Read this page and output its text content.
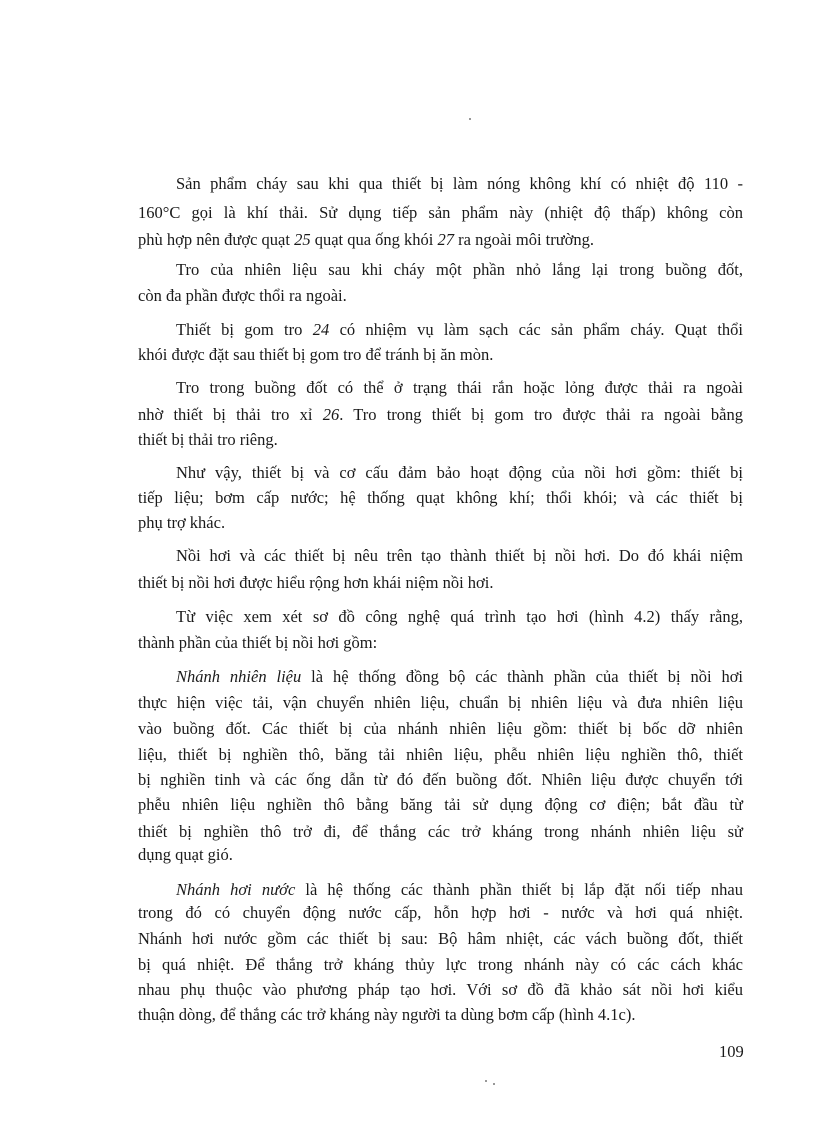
Sản phẩm cháy sau khi qua thiết bị làm nóng không khí có nhiệt độ 110 -
160°C gọi là khí thải. Sử dụng tiếp sản phẩm này (nhiệt độ thấp) không còn
phù hợp nên được quạt 25 quạt qua ống khói 27 ra ngoài môi trường.
Tro của nhiên liệu sau khi cháy một phần nhỏ lắng lại trong buồng đốt,
còn đa phần được thổi ra ngoài.
Thiết bị gom tro 24 có nhiệm vụ làm sạch các sản phẩm cháy. Quạt thổi
khói được đặt sau thiết bị gom tro để tránh bị ăn mòn.
Tro trong buồng đốt có thể ở trạng thái rắn hoặc lỏng được thải ra ngoài
nhờ thiết bị thải tro xỉ 26. Tro trong thiết bị gom tro được thải ra ngoài bằng
thiết bị thải tro riêng.
Như vậy, thiết bị và cơ cấu đảm bảo hoạt động của nồi hơi gồm: thiết bị
tiếp liệu; bơm cấp nước; hệ thống quạt không khí; thổi khói; và các thiết bị
phụ trợ khác.
Nồi hơi và các thiết bị nêu trên tạo thành thiết bị nồi hơi. Do đó khái niệm
thiết bị nồi hơi được hiểu rộng hơn khái niệm nồi hơi.
Từ việc xem xét sơ đồ công nghệ quá trình tạo hơi (hình 4.2) thấy rằng,
thành phần của thiết bị nồi hơi gồm:
Nhánh nhiên liệu là hệ thống đồng bộ các thành phần của thiết bị nồi hơi
thực hiện việc tải, vận chuyển nhiên liệu, chuẩn bị nhiên liệu và đưa nhiên liệu
vào buồng đốt. Các thiết bị của nhánh nhiên liệu gồm: thiết bị bốc dỡ nhiên
liệu, thiết bị nghiền thô, băng tải nhiên liệu, phễu nhiên liệu nghiền thô, thiết
bị nghiền tinh và các ống dẫn từ đó đến buồng đốt. Nhiên liệu được chuyển tới
phễu nhiên liệu nghiền thô bằng băng tải sử dụng động cơ điện; bắt đầu từ
thiết bị nghiền thô trở đi, để thắng các trở kháng trong nhánh nhiên liệu sử
dụng quạt gió.
Nhánh hơi nước là hệ thống các thành phần thiết bị lắp đặt nối tiếp nhau
trong đó có chuyển động nước cấp, hỗn hợp hơi - nước và hơi quá nhiệt.
Nhánh hơi nước gồm các thiết bị sau: Bộ hâm nhiệt, các vách buồng đốt, thiết
bị quá nhiệt. Để thắng trở kháng thủy lực trong nhánh này có các cách khác
nhau phụ thuộc vào phương pháp tạo hơi. Với sơ đồ đã khảo sát nồi hơi kiểu
thuận dòng, để thắng các trở kháng này người ta dùng bơm cấp (hình 4.1c).
109
